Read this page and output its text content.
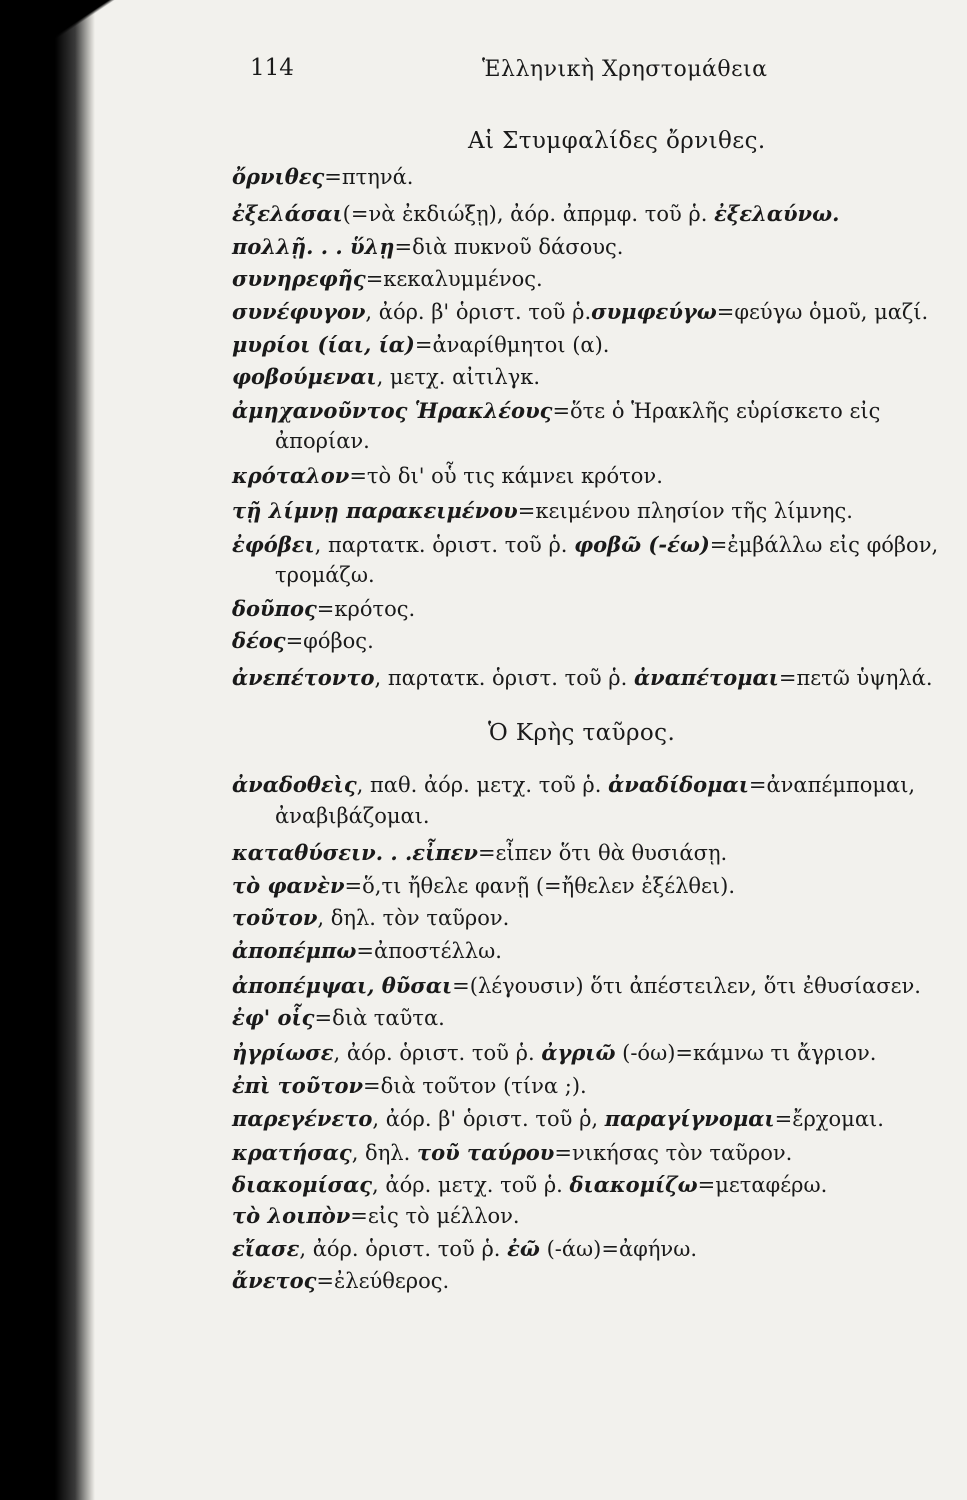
114	Ἑλληνικὴ Χρηστομάθεια
Αἱ Στυμφαλίδες ὄρνιθες.
ὄρνιθες=πτηνά.
ἐξελάσαι(=νὰ ἐκδιώξῃ), ἀόρ. ἀπρμφ. τοῦ ῥ. ἐξελαύνω.
πολλῇ. . . ὕλῃ=διὰ πυκνοῦ δάσους.
συνηρεφῆς=κεκαλυμμένος.
συνέφυγον, ἀόρ. β' ὁριστ. τοῦ ῥ.συμφεύγω=φεύγω ὁμοῦ, μαζί.
μυρίοι (ίαι, ία)=ἀναρίθμητοι (α).
φοβούμεναι, μετχ. αἰτιλγκ.
ἀμηχανοῦντος Ἡρακλέους=ὅτε ὁ Ἡρακλῆς εὑρίσκετο εἰς
ἀπορίαν.
κρόταλον=τὸ δι' οὗ τις κάμνει κρότον.
τῇ λίμνῃ παρακειμένου=κειμένου πλησίον τῆς λίμνης.
ἐφόβει, παρτατκ. ὁριστ. τοῦ ῥ. φοβῶ (-έω)=ἐμβάλλω εἰς φόβον,
τρομάζω.
δοῦπος=κρότος.
δέος=φόβος.
ἀνεπέτοντο, παρτατκ. ὁριστ. τοῦ ῥ. ἀναπέτομαι=πετῶ ὑψηλά.
Ὁ Κρὴς ταῦρος.
ἀναδοθεὶς, παθ. ἀόρ. μετχ. τοῦ ῥ. ἀναδίδομαι=ἀναπέμπομαι,
ἀναβιβάζομαι.
καταθύσειν. . .εἶπεν=εἶπεν ὅτι θὰ θυσιάσῃ.
τὸ φανὲν=ὅ,τι ἤθελε φανῇ (=ἤθελεν ἐξέλθει).
τοῦτον, δηλ. τὸν ταῦρον.
ἀποπέμπω=ἀποστέλλω.
ἀποπέμψαι, θῦσαι=(λέγουσιν) ὅτι ἀπέστειλεν, ὅτι ἐθυσίασεν.
ἐφ' οἷς=διὰ ταῦτα.
ἠγρίωσε, ἀόρ. ὁριστ. τοῦ ῥ. ἀγριῶ (-όω)=κάμνω τι ἄγριον.
ἐπὶ τοῦτον=διὰ τοῦτον (τίνα ;).
παρεγένετο, ἀόρ. β' ὁριστ. τοῦ ῥ, παραγίγνομαι=ἔρχομαι.
κρατήσας, δηλ. τοῦ ταύρου=νικήσας τὸν ταῦρον.
διακομίσας, ἀόρ. μετχ. τοῦ ῥ. διακομίζω=μεταφέρω.
τὸ λοιπὸν=εἰς τὸ μέλλον.
εἴασε, ἀόρ. ὁριστ. τοῦ ῥ. ἐῶ (-άω)=ἀφήνω.
ἄνετος=ἐλεύθερος.
